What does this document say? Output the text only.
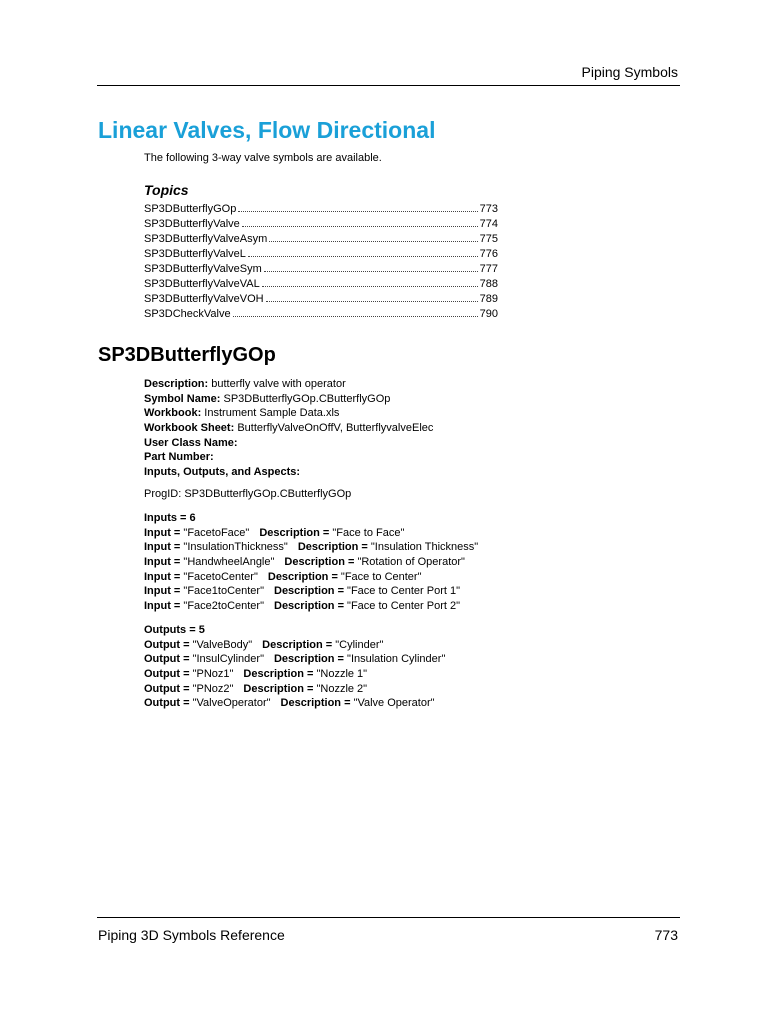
Piping Symbols
Linear Valves, Flow Directional
The following 3-way valve symbols are available.
Topics
SP3DButterflyGOp	773
SP3DButterflyValve	774
SP3DButterflyValveAsym	775
SP3DButterflyValveL	776
SP3DButterflyValveSym	777
SP3DButterflyValveVAL	788
SP3DButterflyValveVOH	789
SP3DCheckValve	790
SP3DButterflyGOp
Description: butterfly valve with operator
Symbol Name: SP3DButterflyGOp.CButterflyGOp
Workbook: Instrument Sample Data.xls
Workbook Sheet: ButterflyValveOnOffV, ButterflyvalveElec
User Class Name:
Part Number:
Inputs, Outputs, and Aspects:
ProgID: SP3DButterflyGOp.CButterflyGOp
Inputs = 6
Input = "FacetoFace" Description = "Face to Face"
Input = "InsulationThickness" Description = "Insulation Thickness"
Input = "HandwheelAngle" Description = "Rotation of Operator"
Input = "FacetoCenter" Description = "Face to Center"
Input = "Face1toCenter" Description = "Face to Center Port 1"
Input = "Face2toCenter" Description = "Face to Center Port 2"
Outputs = 5
Output = "ValveBody" Description = "Cylinder"
Output = "InsulCylinder" Description = "Insulation Cylinder"
Output = "PNoz1" Description = "Nozzle 1"
Output = "PNoz2" Description = "Nozzle 2"
Output = "ValveOperator" Description = "Valve Operator"
Piping 3D Symbols Reference	773
